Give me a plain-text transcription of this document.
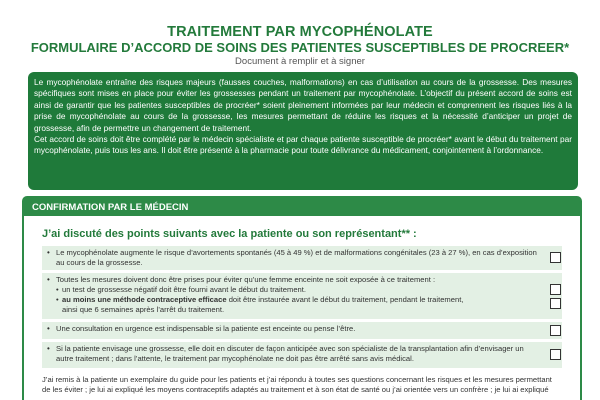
TRAITEMENT PAR MYCOPHÉNOLATE
FORMULAIRE D’ACCORD DE SOINS DES PATIENTES SUSCEPTIBLES DE PROCREER*
Document à remplir et à signer

Le mycophénolate entraîne des risques majeurs (fausses couches, malformations) en cas d’utilisation au cours de la grossesse. Des mesures spécifiques sont mises en place pour éviter les grossesses pendant un traitement par mycophénolate. L’objectif du présent accord de soins est ainsi de garantir que les patientes susceptibles de procréer* soient pleinement informées par leur médecin et comprennent les risques liés à la prise de mycophénolate au cours de la grossesse, les mesures permettant de réduire les risques et la nécessité d’anticiper un projet de grossesse, afin de permettre un changement de traitement.

Cet accord de soins doit être complété par le médecin spécialiste et par chaque patiente susceptible de procréer* avant le début du traitement par mycophénolate, puis tous les ans. Il doit être présenté à la pharmacie pour toute délivrance du médicament, conjointement à l’ordonnance.

CONFIRMATION PAR LE MÉDECIN
J’ai discuté des points suivants avec la patiente ou son représentant** :
• Le mycophénolate augmente le risque d’avortements spontanés (45 à 49 %) et de malformations congénitales (23 à 27 %), en cas d’exposition au cours de la grossesse.
• Toutes les mesures doivent donc être prises pour éviter qu’une femme enceinte ne soit exposée à ce traitement :
• un test de grossesse négatif doit être fourni avant le début du traitement.
• au moins une méthode contraceptive efficace doit être instaurée avant le début du traitement, pendant le traitement,
ainsi que 6 semaines après l’arrêt du traitement.
• Une consultation en urgence est indispensable si la patiente est enceinte ou pense l’être.
• Si la patiente envisage une grossesse, elle doit en discuter de façon anticipée avec son spécialiste de la transplantation afin d’envisager un autre traitement ; dans l’attente, le traitement par mycophénolate ne doit pas être arrêté sans avis médical.
J’ai remis à la patiente un exemplaire du guide pour les patients et j’ai répondu à toutes ses questions concernant les risques et les mesures permettant de les éviter ; je lui ai expliqué les moyens contraceptifs adaptés au traitement et à son état de santé ou j’ai orientée vers un confrère ; je lui ai expliqué
